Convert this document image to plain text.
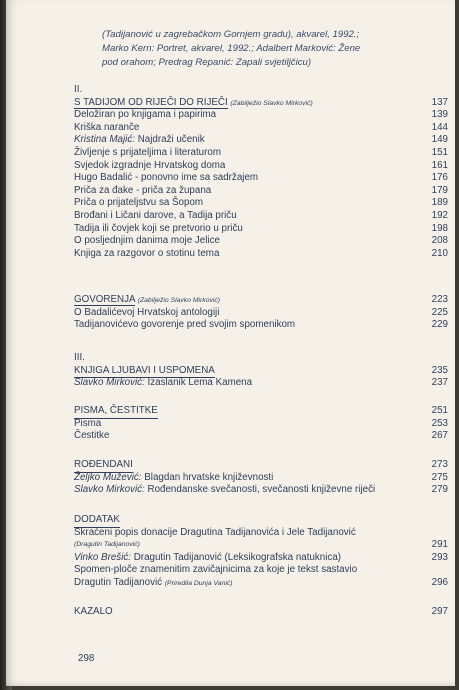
(Tadijanović u zagrebačkom Gornjem gradu), akvarel, 1992.;
Marko Kern: Portret, akvarel, 1992.; Adalbert Marković: Žene
pod orahom; Predrag Repanić: Zapali svjetiljčicu)
II.
S TADIJOM OD RIJEČI DO RIJEČI (Zabilježio Slavko Mirković)	137
Deložiran po knjigama i papirima	139
Kriška naranče	144
Kristina Majić: Najdraži učenik	149
Življenje s prijateljima i literaturom	151
Svjedok izgradnje Hrvatskog doma	161
Hugo Badalić - ponovno ime sa sadržajem	176
Priča za đake - priča za župana	179
Priča o prijateljstvu sa Šopom	189
Brođani i Ličani darove, a Tadija priču	192
Tadija ili čovjek koji se pretvorio u priču	198
O posljednjim danima moje Jelice	208
Knjiga za razgovor o stotinu tema	210
GOVORENJA (Zabilježio Slavko Mirković)	223
O Badalićevoj Hrvatskoj antologiji	225
Tadijanovićevo govorenje pred svojim spomenikom	229
III.
KNJIGA LJUBAVI I USPOMENA	235
Slavko Mirković: Izaslanik Lema Kamena	237
PISMA, ČESTITKE	251
Pisma	253
Čestitke	267
ROĐENDANI	273
Željko Mužević: Blagdan hrvatske književnosti	275
Slavko Mirković: Rođendanske svečanosti, svečanosti književne riječi	279
DODATAK
Skraćeni popis donacije Dragutina Tadijanovića i Jele Tadijanović
(Dragutin Tadijanović)	291
Vinko Brešić: Dragutin Tadijanović (Leksikografska natuknica)	293
Spomen-ploče znamenitim zavičajnicima za koje je tekst sastavio
Dragutin Tadijanović (Priredila Dunja Vanić)	296
KAZALO	297
298
